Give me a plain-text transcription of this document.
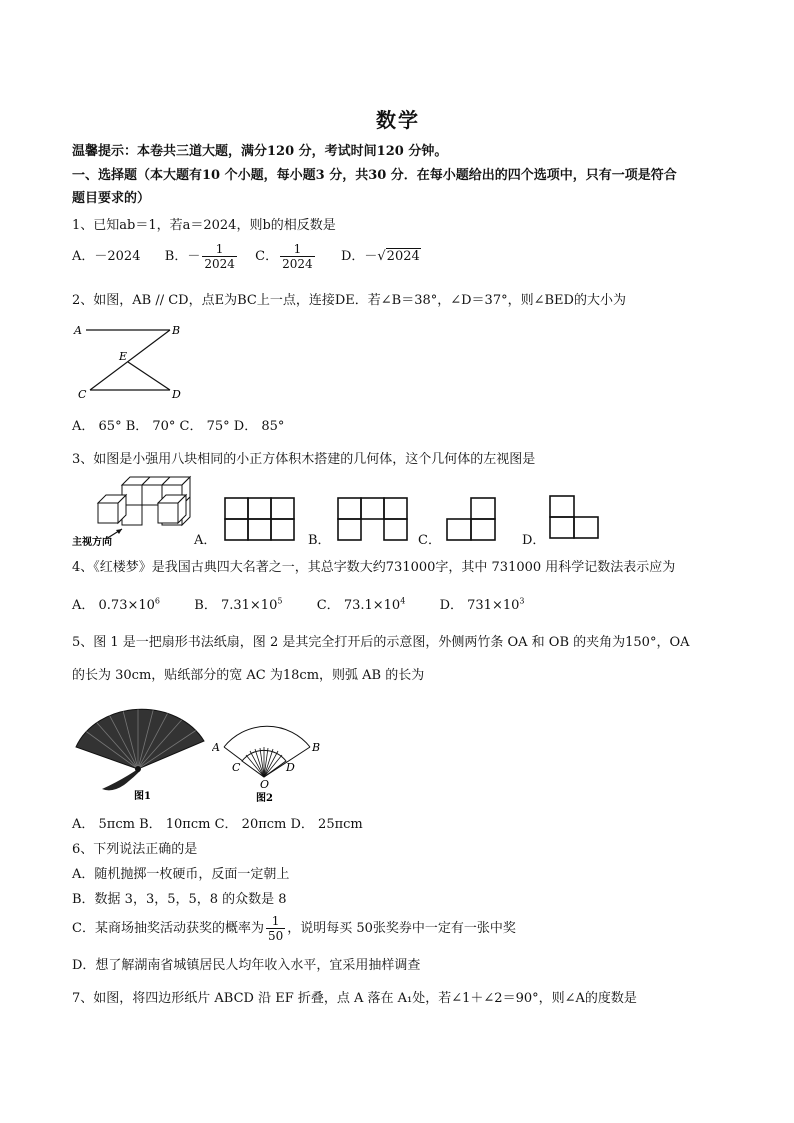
数学
温馨提示：本卷共三道大题，满分120 分，考试时间120 分钟。
一、选择题（本大题有10 个小题，每小题3 分，共30 分．在每小题给出的四个选项中，只有一项是符合
题目要求的）
1、已知ab＝1，若a＝2024，则b的相反数是
A．－2024 B．－ $\frac{1}{2024}$ C． $\frac{1}{2024}$ D．－√2024
2、如图，AB // CD，点E为BC上一点，连接DE．若∠B＝38°，∠D＝37°，则∠BED的大小为
A	B
E
C	D
A． 65° B． 70° C． 75° D． 85°
3、如图是小强用八块相同的小正方体积木搭建的几何体，这个几何体的左视图是
主视方向	A．	B．	C．	D．
4、《红楼梦》是我国古典四大名著之一，其总字数大约731000字，其中 731000 用科学记数法表示应为
A． $0.73\times 10^6$	B． $7.31\times 10^5$	C． $73.1\times 10^4$	D． $731\times 10^3$
5、图 1 是一把扇形书法纸扇，图 2 是其完全打开后的示意图，外侧两竹条 OA 和 OB 的夹角为150°，OA
的长为 30cm，贴纸部分的宽 AC 为18cm，则弧 AB 的长为
图1
A	B
C	D
O
图2
A． 5πcm B． 10πcm C． 20πcm D． 25πcm
6、下列说法正确的是
A．随机抛掷一枚硬币，反面一定朝上
B．数据 3，3，5，5，8 的众数是 8
C．某商场抽奖活动获奖的概率为 $\frac{1}{50}$ ，说明每买 50张奖券中一定有一张中奖
D．想了解湖南省城镇居民人均年收入水平，宜采用抽样调查
7、如图，将四边形纸片 ABCD 沿 EF 折叠，点 A 落在 A₁处，若∠1＋∠2＝90°，则∠A的度数是
